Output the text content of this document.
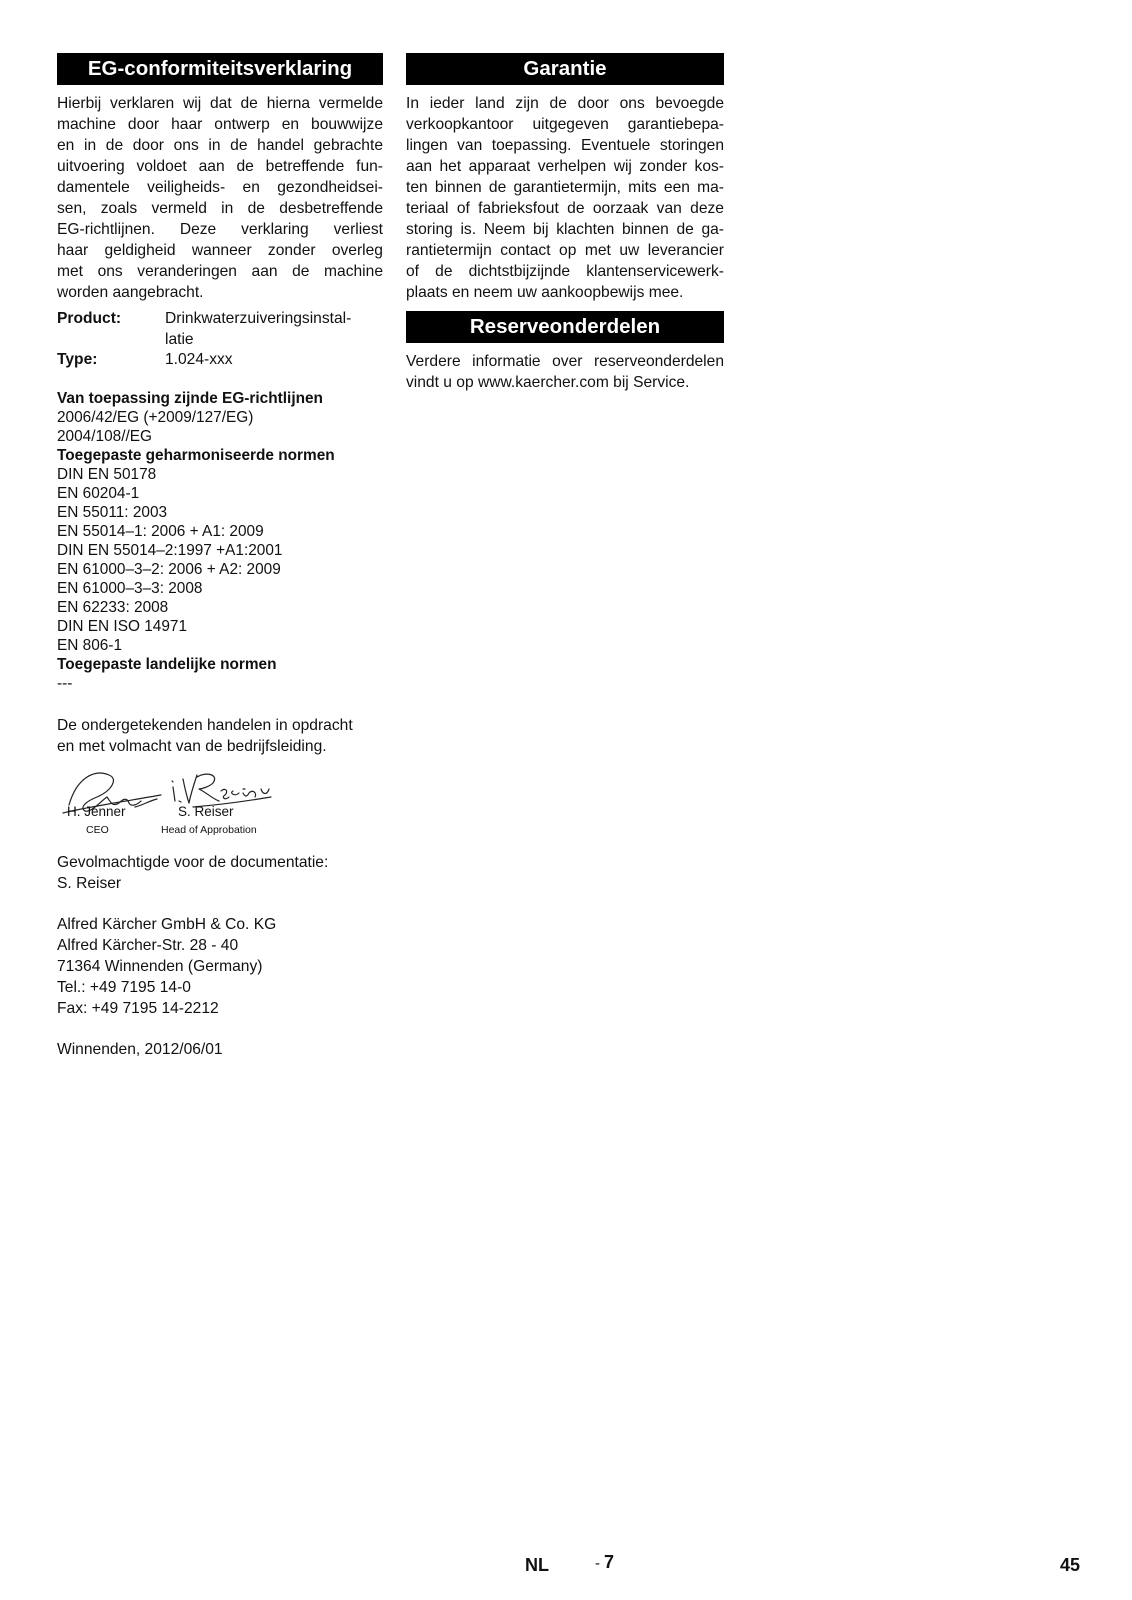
EG-conformiteitsverklaring
Hierbij verklaren wij dat de hierna vermelde
machine door haar ontwerp en bouwwijze
en in de door ons in de handel gebrachte
uitvoering voldoet aan de betreffende fun-
damentele veiligheids- en gezondheidsei-
sen, zoals vermeld in de desbetreffende
EG-richtlijnen. Deze verklaring verliest
haar geldigheid wanneer zonder overleg
met ons veranderingen aan de machine
worden aangebracht.
Product:	Drinkwaterzuiveringsinstal-
latie
Type:	1.024-xxx
Van toepassing zijnde EG-richtlijnen
2006/42/EG (+2009/127/EG)
2004/108//EG
Toegepaste geharmoniseerde normen
DIN EN 50178
EN 60204-1
EN 55011: 2003
EN 55014–1: 2006 + A1: 2009
DIN EN 55014–2:1997 +A1:2001
EN 61000–3–2: 2006 + A2: 2009
EN 61000–3–3: 2008
EN 62233: 2008
DIN EN ISO 14971
EN 806-1
Toegepaste landelijke normen
---
De ondergetekenden handelen in opdracht
en met volmacht van de bedrijfsleiding.
H. Jenner
CEO
S. Reiser
Head of Approbation
Gevolmachtigde voor de documentatie:
S. Reiser
Alfred Kärcher GmbH & Co. KG
Alfred Kärcher-Str. 28 - 40
71364 Winnenden (Germany)
Tel.: +49 7195 14-0
Fax: +49 7195 14-2212
Winnenden, 2012/06/01
Garantie
In ieder land zijn de door ons bevoegde
verkoopkantoor uitgegeven garantiebepa-
lingen van toepassing. Eventuele storingen
aan het apparaat verhelpen wij zonder kos-
ten binnen de garantietermijn, mits een ma-
teriaal of fabrieksfout de oorzaak van deze
storing is. Neem bij klachten binnen de ga-
rantietermijn contact op met uw leverancier
of de dichtstbijzijnde klantenservicewerk-
plaats en neem uw aankoopbewijs mee.
Reserveonderdelen
Verdere informatie over reserveonderdelen
vindt u op www.kaercher.com bij Service.
NL	- 7	45
